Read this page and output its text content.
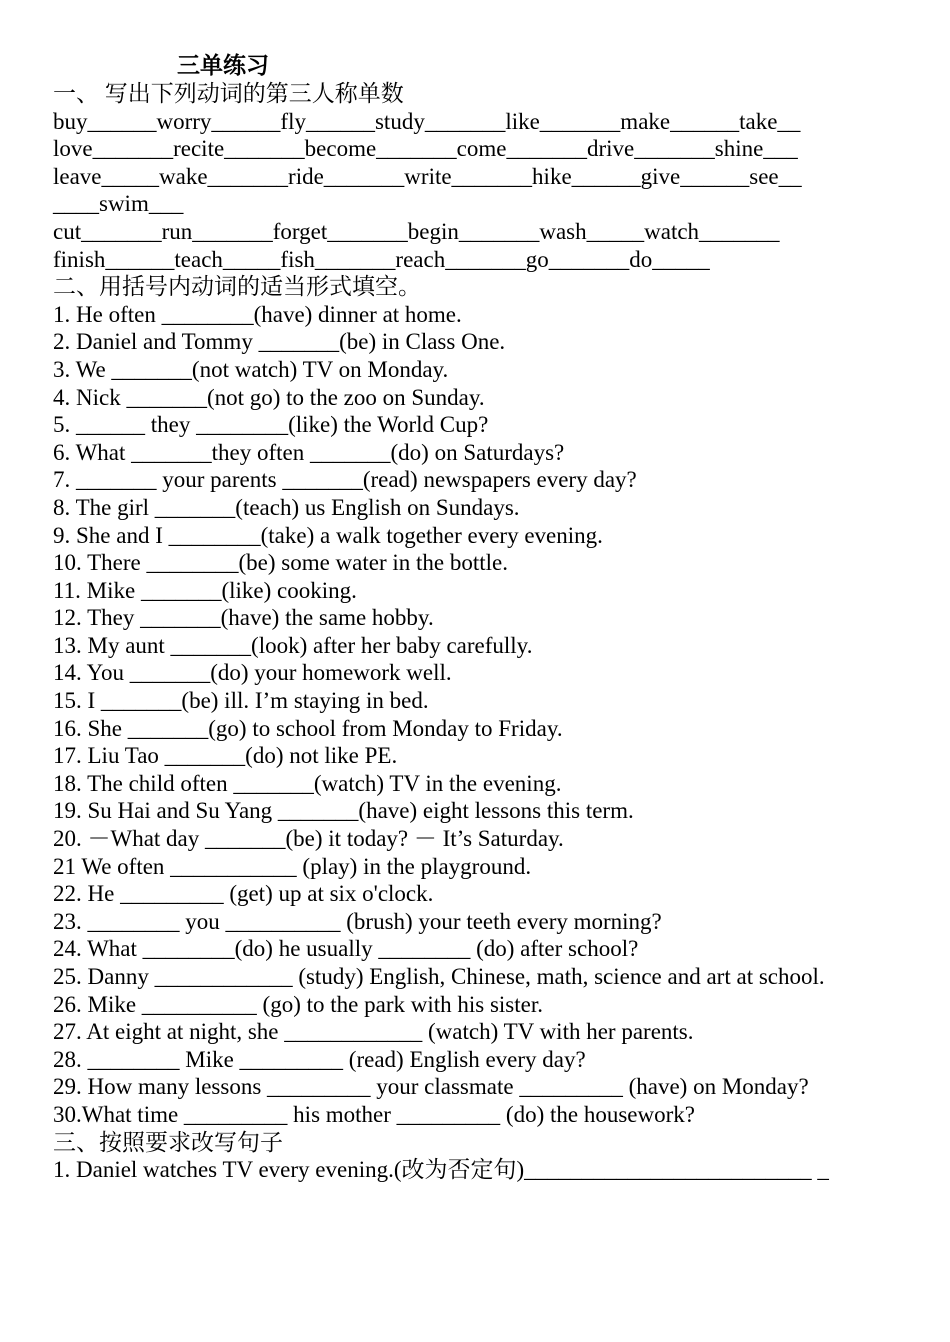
三单练习
一、 写出下列动词的第三人称单数
buy______worry______fly______study_______like_______make______take__
love_______recite_______become_______come_______drive_______shine___
leave_____wake_______ride_______write_______hike______give______see__
____swim___
cut_______run_______forget_______begin_______wash_____watch_______
finish______teach_____fish_______reach_______go_______do_____
二、用括号内动词的适当形式填空。
1. He often ________(have) dinner at home.
2. Daniel and Tommy _______(be) in Class One.
3. We _______(not watch) TV on Monday.
4. Nick _______(not go) to the zoo on Sunday.
5. ______ they ________(like) the World Cup?
6. What _______they often _______(do) on Saturdays?
7. _______ your parents _______(read) newspapers every day?
8. The girl _______(teach) us English on Sundays.
9. She and I ________(take) a walk together every evening.
10. There ________(be) some water in the bottle.
11. Mike _______(like) cooking.
12. They _______(have) the same hobby.
13. My aunt _______(look) after her baby carefully.
14. You _______(do) your homework well.
15. I _______(be) ill. I’m staying in bed.
16. She _______(go) to school from Monday to Friday.
17. Liu Tao _______(do) not like PE.
18. The child often _______(watch) TV in the evening.
19. Su Hai and Su Yang _______(have) eight lessons this term.
20. －What day _______(be) it today? － It’s Saturday.
21 We often ___________ (play) in the playground.
22. He _________ (get) up at six o'clock.
23. ________ you __________ (brush) your teeth every morning?
24. What ________(do) he usually ________ (do) after school?
25. Danny ____________ (study) English, Chinese, math, science and art at school.
26. Mike __________ (go) to the park with his sister.
27. At eight at night, she ____________ (watch) TV with her parents.
28. ________ Mike _________ (read) English every day?
29. How many lessons _________ your classmate _________ (have) on Monday?
30.What time _________ his mother _________ (do) the housework?
三、按照要求改写句子
1. Daniel watches TV every evening.(改为否定句)_________________________ _
